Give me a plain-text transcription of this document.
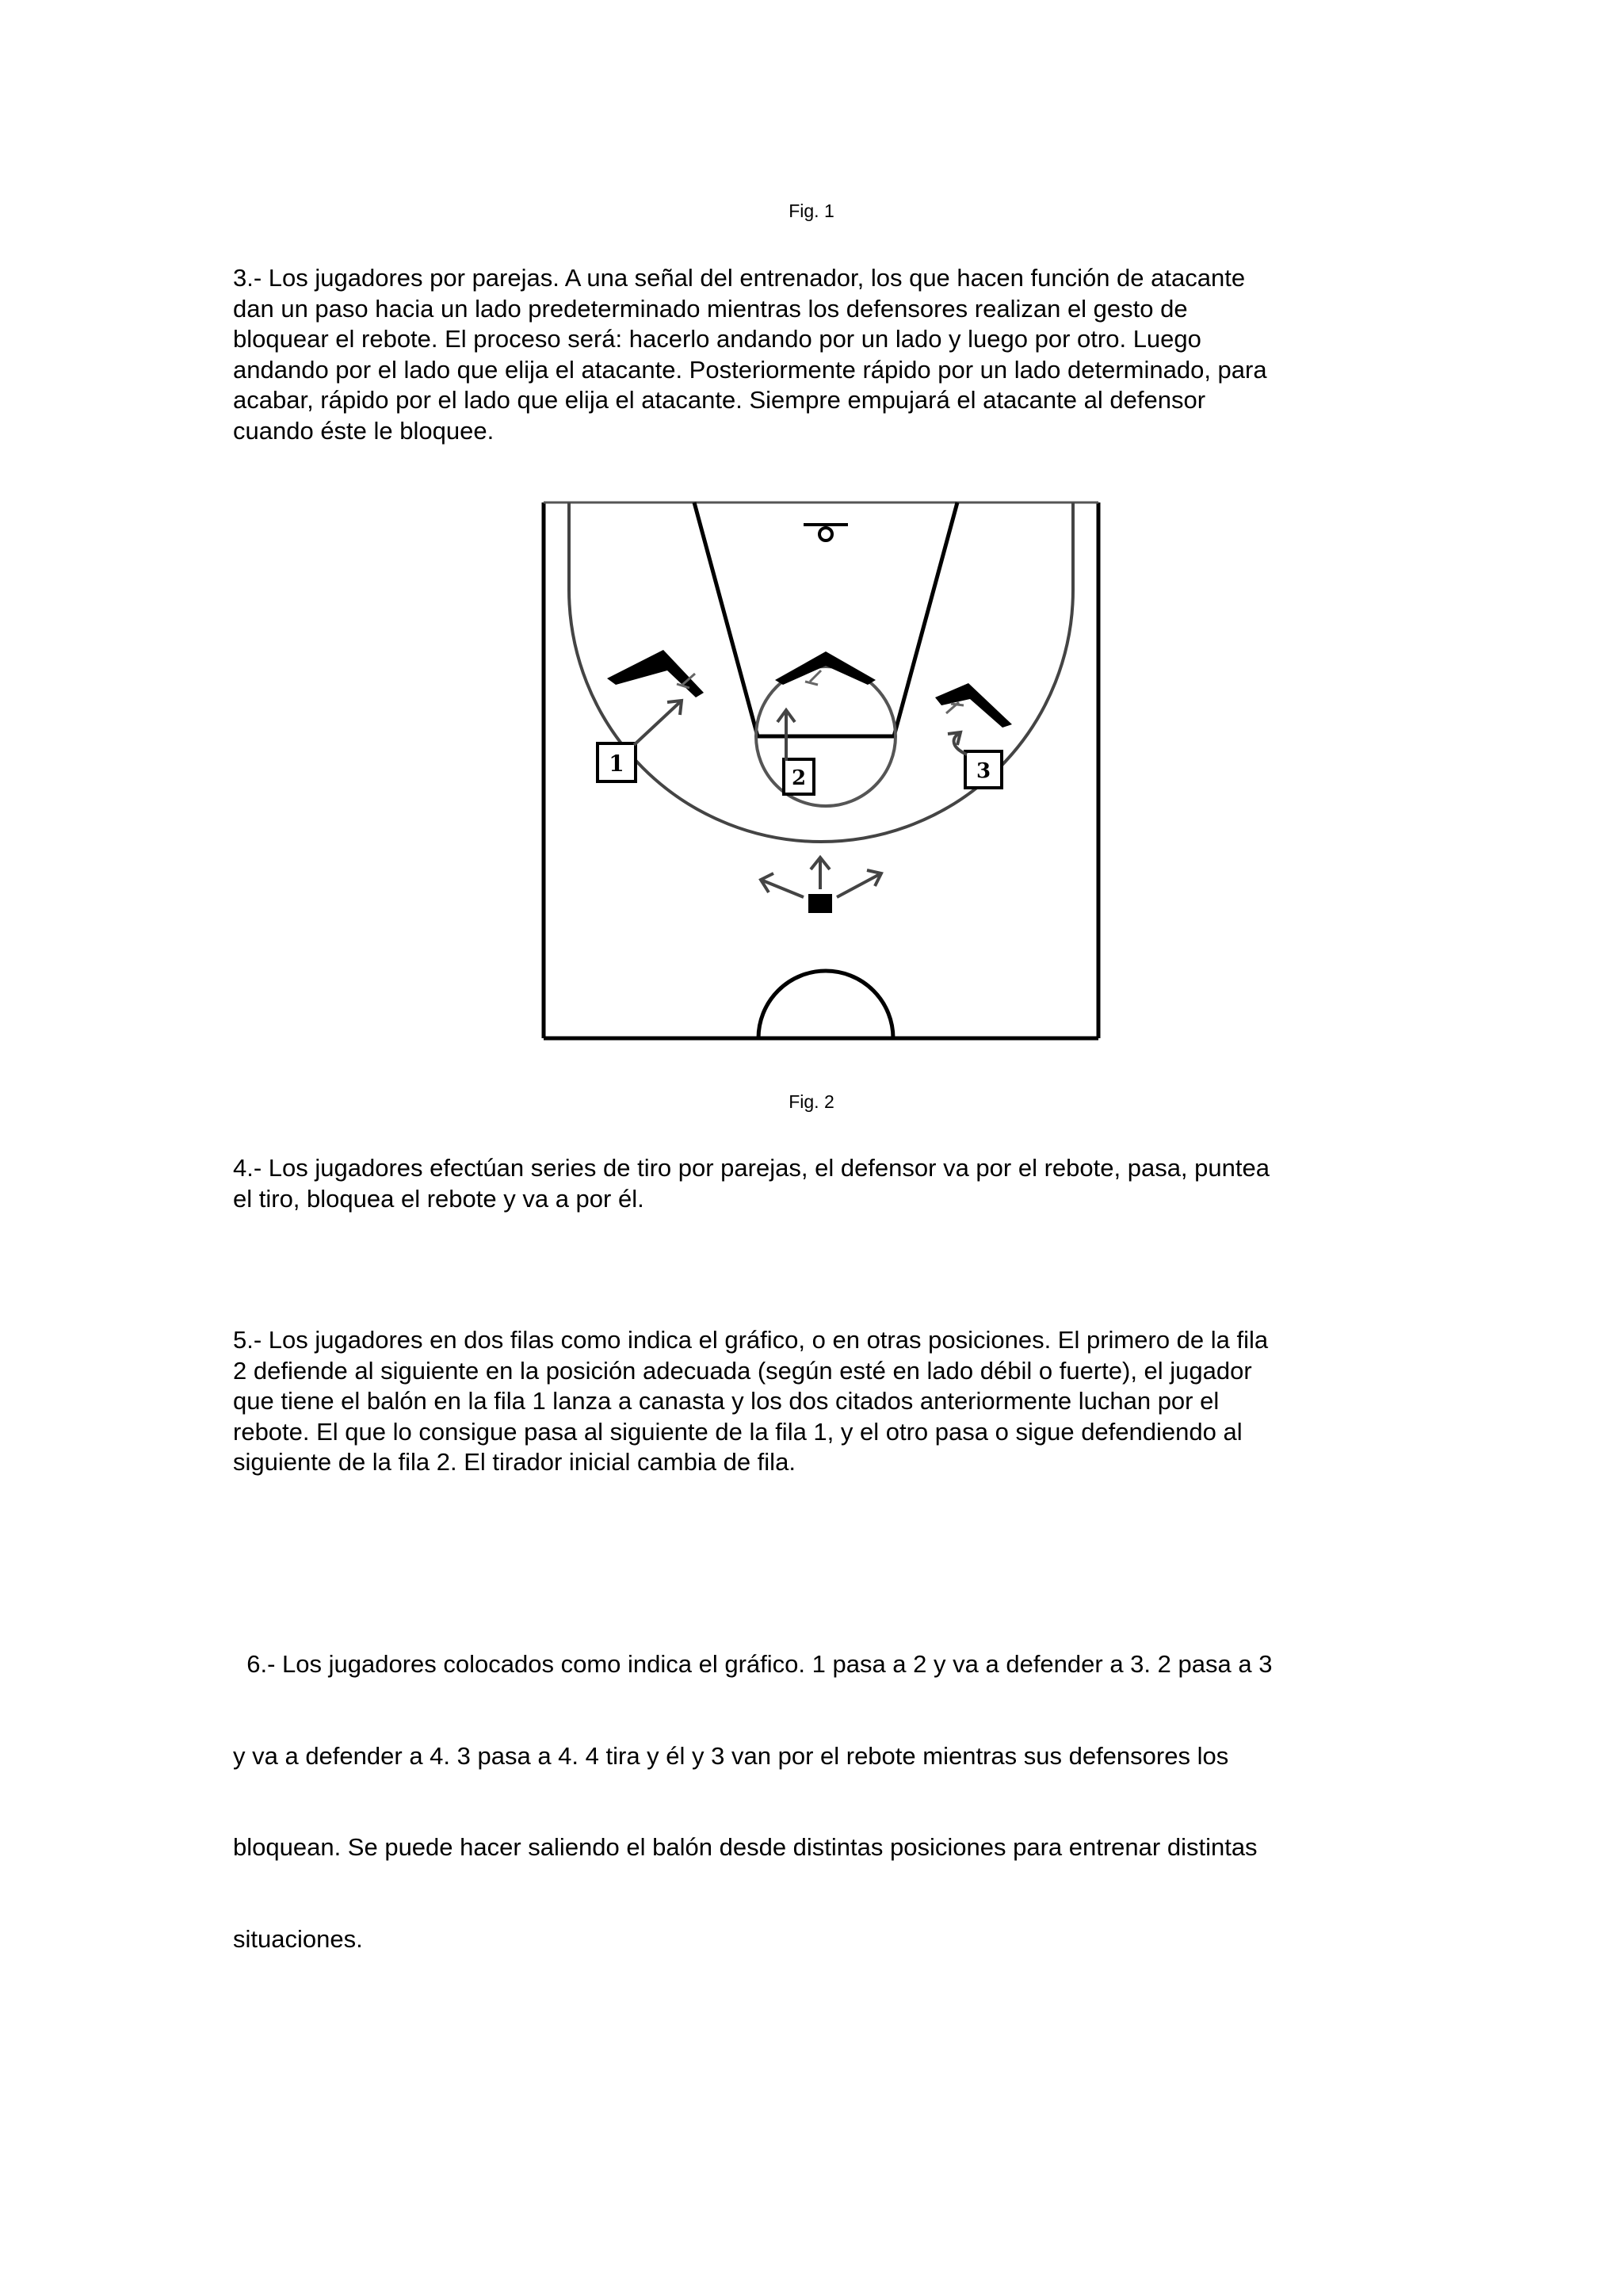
Fig. 1
3.- Los jugadores por parejas. A una señal del entrenador, los que hacen función de atacante
dan un paso hacia un lado predeterminado mientras los defensores realizan el gesto de
bloquear el rebote. El proceso será: hacerlo andando por un lado y luego por otro. Luego
andando por el lado que elija el atacante. Posteriormente rápido por un lado determinado, para
acabar, rápido por el lado que elija el atacante. Siempre empujará el atacante al defensor
cuando éste le bloquee.
1
2	3
Fig. 2
4.- Los jugadores efectúan series de tiro por parejas, el defensor va por el rebote, pasa, puntea
el tiro, bloquea el rebote y va a por él.
5.- Los jugadores en dos filas como indica el gráfico, o en otras posiciones. El primero de la fila
2 defiende al siguiente en la posición adecuada (según esté en lado débil o fuerte), el jugador
que tiene el balón en la fila 1 lanza a canasta y los dos citados anteriormente luchan por el
rebote. El que lo consigue pasa al siguiente de la fila 1, y el otro pasa o sigue defendiendo al
siguiente de la fila 2. El tirador inicial cambia de fila.

6.- Los jugadores colocados como indica el gráfico. 1 pasa a 2 y va a defender a 3. 2 pasa a 3

y va a defender a 4. 3 pasa a 4. 4 tira y él y 3 van por el rebote mientras sus defensores los

bloquean. Se puede hacer saliendo el balón desde distintas posiciones para entrenar distintas

situaciones.
